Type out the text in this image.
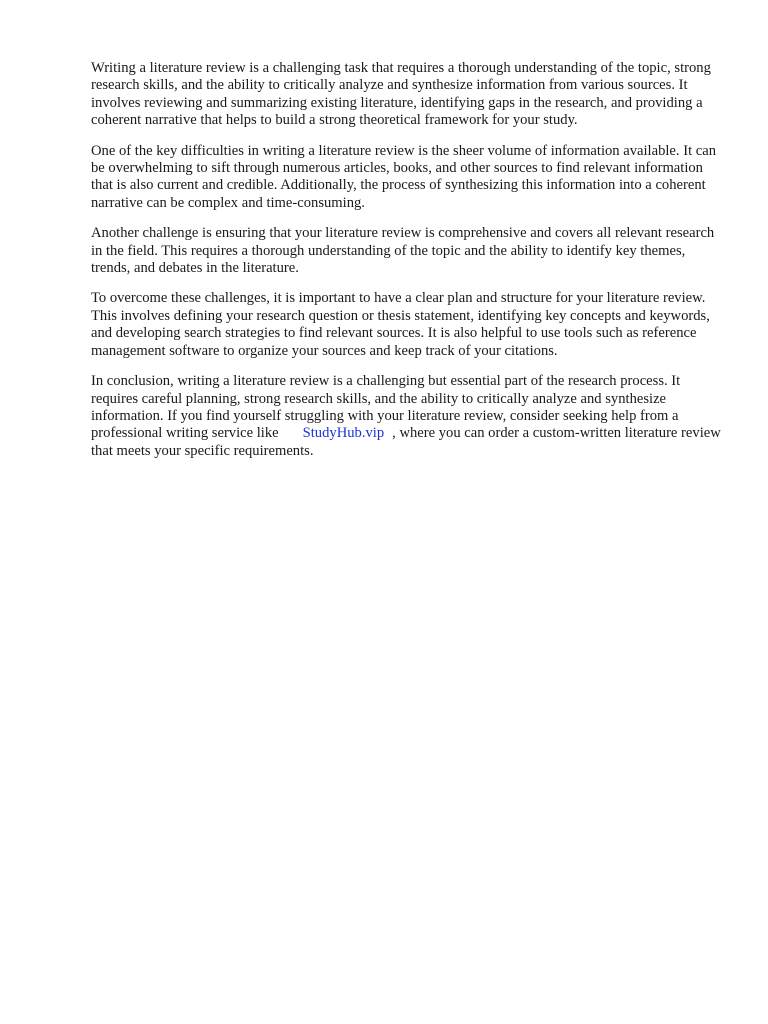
Writing a literature review is a challenging task that requires a thorough understanding of the topic, strong research skills, and the ability to critically analyze and synthesize information from various sources. It involves reviewing and summarizing existing literature, identifying gaps in the research, and providing a coherent narrative that helps to build a strong theoretical framework for your study.

One of the key difficulties in writing a literature review is the sheer volume of information available. It can be overwhelming to sift through numerous articles, books, and other sources to find relevant information that is also current and credible. Additionally, the process of synthesizing this information into a coherent narrative can be complex and time-consuming.

Another challenge is ensuring that your literature review is comprehensive and covers all relevant research in the field. This requires a thorough understanding of the topic and the ability to identify key themes, trends, and debates in the literature.

To overcome these challenges, it is important to have a clear plan and structure for your literature review. This involves defining your research question or thesis statement, identifying key concepts and keywords, and developing search strategies to find relevant sources. It is also helpful to use tools such as reference management software to organize your sources and keep track of your citations.

In conclusion, writing a literature review is a challenging but essential part of the research process. It requires careful planning, strong research skills, and the ability to critically analyze and synthesize information. If you find yourself struggling with your literature review, consider seeking help from a professional writing service like StudyHub.vip , where you can order a custom-written literature review that meets your specific requirements.
